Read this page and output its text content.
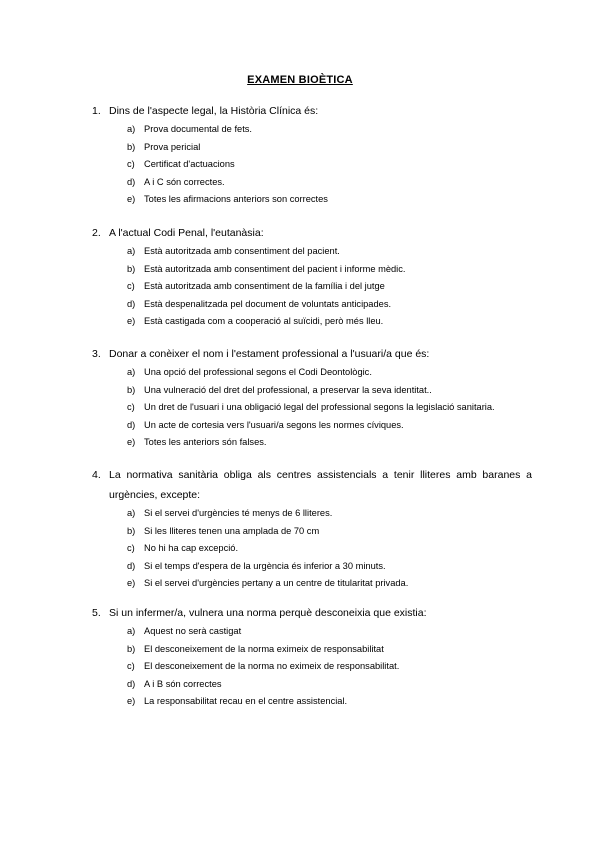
EXAMEN BIOÈTICA
1. Dins de l'aspecte legal, la Història Clínica és:
a) Prova documental de fets.
b) Prova pericial
c) Certificat d'actuacions
d) A i C són correctes.
e) Totes les afirmacions anteriors son correctes
2. A l'actual Codi Penal, l'eutanàsia:
a) Està autoritzada amb consentiment del pacient.
b) Està autoritzada amb consentiment del pacient i informe mèdic.
c) Està autoritzada amb consentiment de la família i del jutge
d) Està despenalitzada pel document de voluntats anticipades.
e) Està castigada com a cooperació al suïcidi, però més lleu.
3. Donar a conèixer el nom i l'estament professional a l'usuari/a que és:
a) Una opció del professional segons el Codi Deontològic.
b) Una vulneració del dret del professional, a preservar la seva identitat..
c) Un dret de l'usuari i una obligació legal del professional segons la legislació sanitaria.
d) Un acte de cortesia vers l'usuari/a segons les normes cíviques.
e) Totes les anteriors són falses.
4. La normativa sanitària obliga als centres assistencials a tenir lliteres amb baranes a urgències, excepte:
a) Si el servei d'urgències té menys de 6 lliteres.
b) Si les lliteres tenen una amplada de 70 cm
c) No hi ha cap excepció.
d) Si el temps d'espera de la urgència és inferior a 30 minuts.
e) Si el servei d'urgències pertany a un centre de titularitat privada.
5. Si un infermer/a, vulnera una norma perquè desconeixia que existia:
a) Aquest no serà castigat
b) El desconeixement de la norma eximeix de responsabilitat
c) El desconeixement de la norma no eximeix de responsabilitat.
d) A i B són correctes
e) La responsabilitat recau en el centre assistencial.
